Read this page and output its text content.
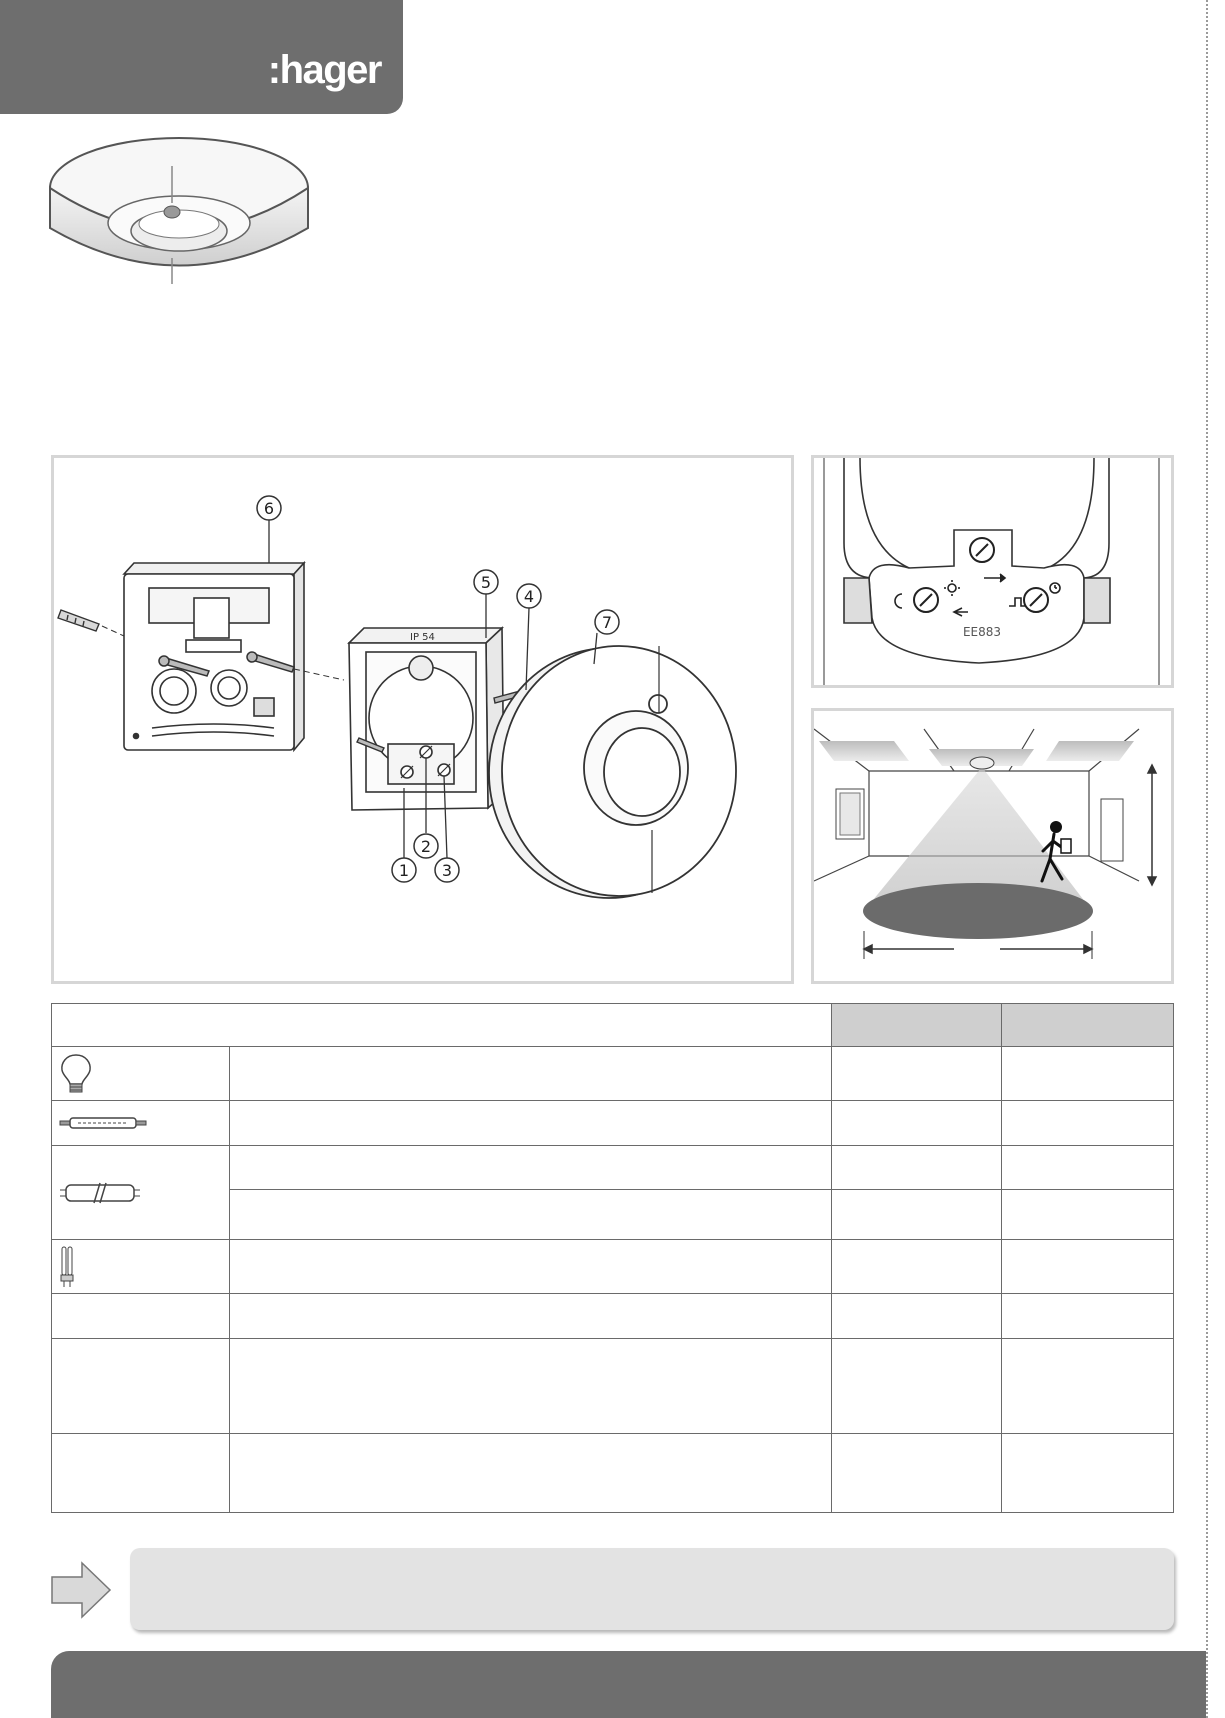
:hager
IP 54
6
5
4
7
2
1 3
EE883
